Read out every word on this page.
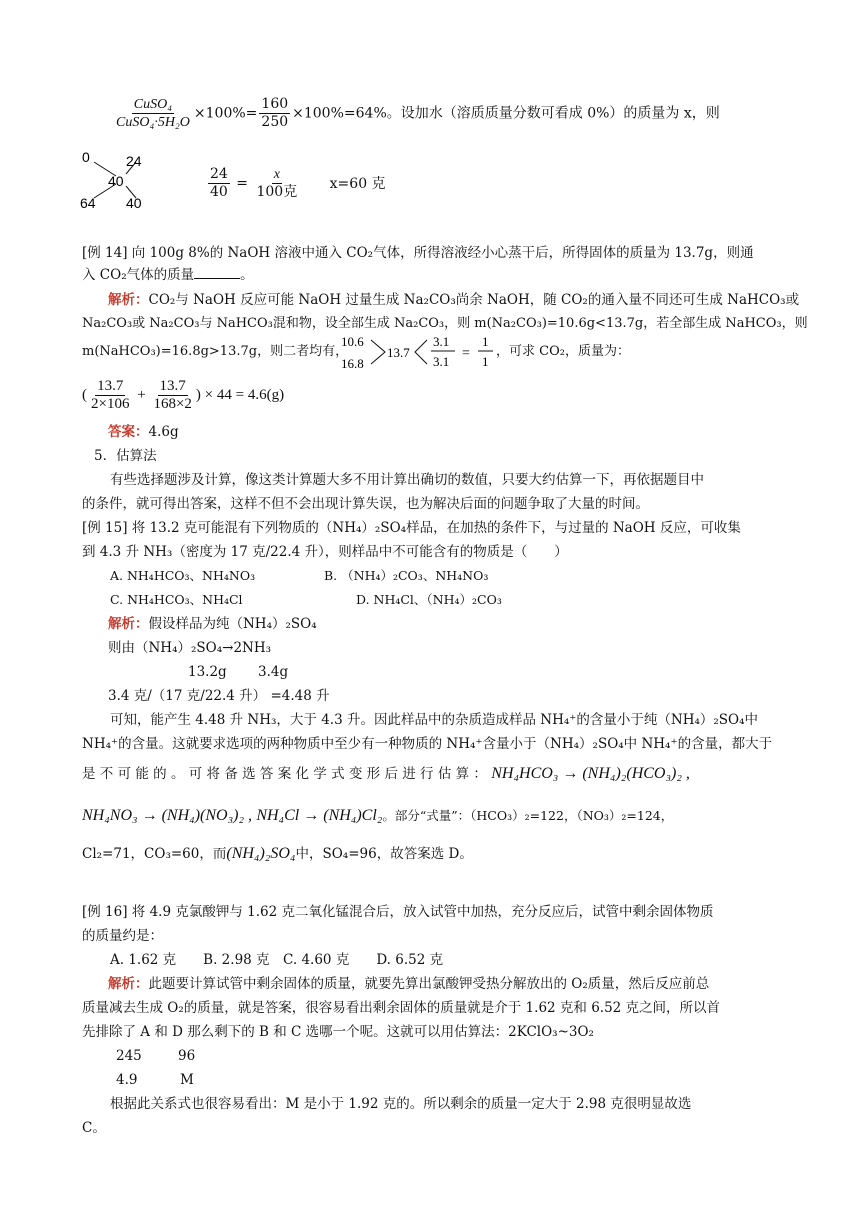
$\frac{\text{CuSO₄}}{\text{CuSO₄·5H₂O}} \times 100\%= \frac{160}{250} \times 100\%=64\%$。设加水（溶质质量分数可看成 0%）的质量为 x，则
0	24
40
64 40
$\frac{24}{40} = \frac{x}{\text{100克}} x=60$ 克
[例 14] 向 100g 8%的 NaOH 溶液中通入 CO₂气体，所得溶液经小心蒸干后，所得固体的质量为 13.7g，则通
入 CO₂气体的质量	。
解析：CO₂与 NaOH 反应可能 NaOH 过量生成 Na₂CO₃尚余 NaOH，随 CO₂的通入量不同还可生成 NaHCO₃或
Na₂CO₃或 Na₂CO₃与 NaHCO₃混和物，设全部生成 Na₂CO₃，则 m(Na₂CO₃)=10.6g<13.7g，若全部生成 NaHCO₃，则
m(NaHCO₃)=16.8g>13.7g，则二者均有，
10.6
16.8
13.7
3.1
3.1
=
1
1
，可求 CO₂，质量为：
( $\frac{13.7}{2\times 106} + \frac{13.7}{168\times 2}$ ) × 44 = 4.6(g)
答案：4.6g
5．估算法
有些选择题涉及计算，像这类计算题大多不用计算出确切的数值，只要大约估算一下，再依据题目中
的条件，就可得出答案，这样不但不会出现计算失误，也为解决后面的问题争取了大量的时间。
[例 15] 将 13.2 克可能混有下列物质的（NH₄）₂SO₄样品，在加热的条件下，与过量的 NaOH 反应，可收集
到 4.3 升 NH₃（密度为 17 克/22.4 升），则样品中不可能含有的物质是（　　）
A. NH₄HCO₃、NH₄NO₃	B. （NH₄）₂CO₃、NH₄NO₃
C. NH₄HCO₃、NH₄Cl	D. NH₄Cl、（NH₄）₂CO₃
解析：假设样品为纯（NH₄）₂SO₄
则由（NH₄）₂SO₄→2NH₃
13.2g 3.4g
3.4 克/（17 克/22.4 升） =4.48 升
可知，能产生 4.48 升 NH₃，大于 4.3 升。因此样品中的杂质造成样品 NH₄⁺的含量小于纯（NH₄）₂SO₄中
NH₄⁺的含量。这就要求选项的两种物质中至少有一种物质的 NH₄⁺含量小于（NH₄）₂SO₄中 NH₄⁺的含量，都大于
是 不 可 能 的 。 可 将 备 选 答 案 化 学 式 变 形 后 进 行 估 算 ： NH₄HCO₃ → (NH₄)₂(HCO₃)₂ ,
NH₄NO₃ → (NH₄)(NO₃)₂ , NH₄Cl → (NH₄)Cl₂。部分“式量”：（HCO₃）₂=122，（NO₃）₂=124，
Cl₂=71，CO₃=60，而(NH₄)₂SO₄中，SO₄=96，故答案选 D。
[例 16] 将 4.9 克氯酸钾与 1.62 克二氧化锰混合后，放入试管中加热，充分反应后，试管中剩余固体物质
的质量约是：
A. 1.62 克　　B. 2.98 克　C. 4.60 克　　D. 6.52 克
解析：此题要计算试管中剩余固体的质量，就要先算出氯酸钾受热分解放出的 O₂质量，然后反应前总
质量减去生成 O₂的质量，就是答案，很容易看出剩余固体的质量就是介于 1.62 克和 6.52 克之间，所以首
先排除了 A 和 D 那么剩下的 B 和 C 选哪一个呢。这就可以用估算法：2KClO₃~3O₂
245	96
4.9	M
根据此关系式也很容易看出：M 是小于 1.92 克的。所以剩余的质量一定大于 2.98 克很明显故选
C。
